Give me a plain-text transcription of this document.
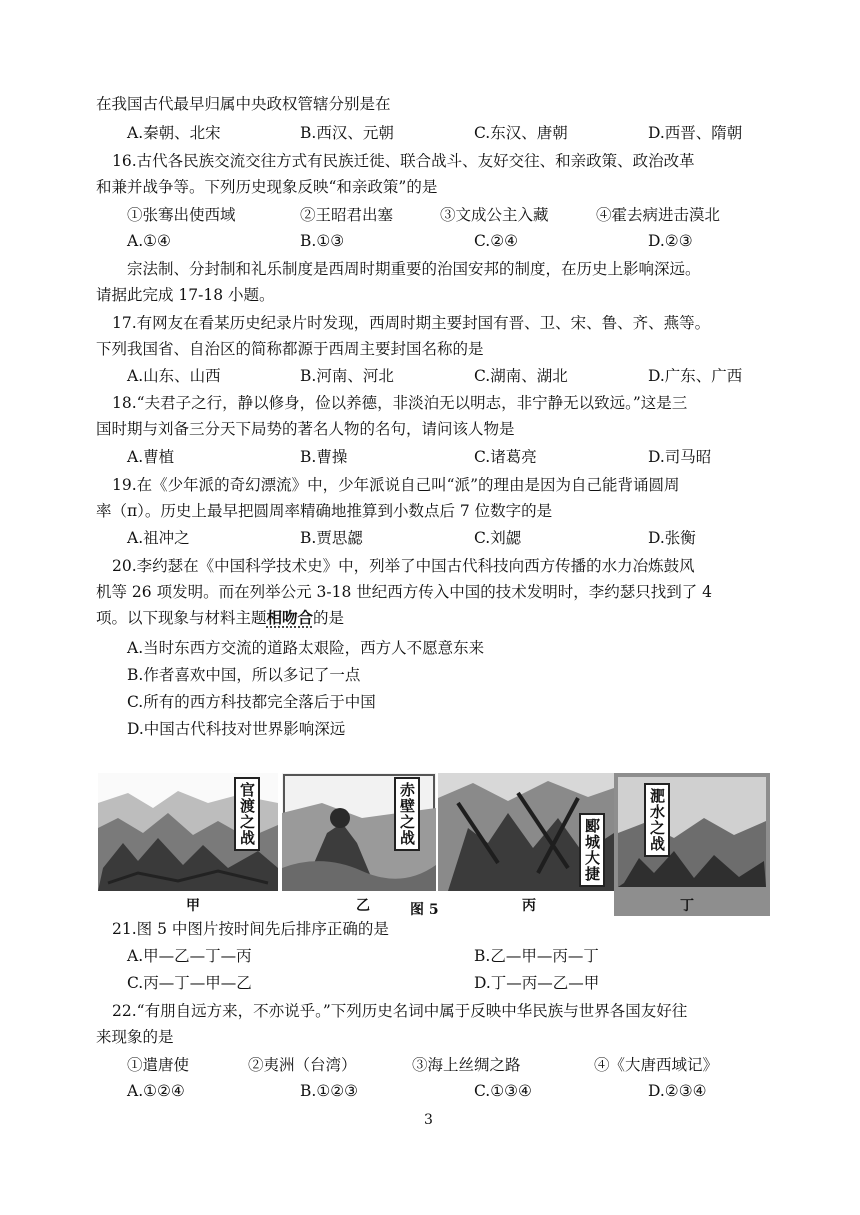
在我国古代最早归属中央政权管辖分别是在
A.秦朝、北宋	B.西汉、元朝	C.东汉、唐朝	D.西晋、隋朝
16.古代各民族交流交往方式有民族迁徙、联合战斗、友好交往、和亲政策、政治改革
和兼并战争等。下列历史现象反映“和亲政策”的是
①张骞出使西域	②王昭君出塞	③文成公主入藏	④霍去病进击漠北
A.①④	B.①③	C.②④	D.②③
宗法制、分封制和礼乐制度是西周时期重要的治国安邦的制度，在历史上影响深远。
请据此完成 17-18 小题。
17.有网友在看某历史纪录片时发现，西周时期主要封国有晋、卫、宋、鲁、齐、燕等。
下列我国省、自治区的简称都源于西周主要封国名称的是
A.山东、山西	B.河南、河北	C.湖南、湖北	D.广东、广西
18.“夫君子之行，静以修身，俭以养德，非淡泊无以明志，非宁静无以致远。”这是三
国时期与刘备三分天下局势的著名人物的名句，请问该人物是
A.曹植	B.曹操	C.诸葛亮	D.司马昭
19.在《少年派的奇幻漂流》中，少年派说自己叫“派”的理由是因为自己能背诵圆周
率（π）。历史上最早把圆周率精确地推算到小数点后 7 位数字的是
A.祖冲之	B.贾思勰	C.刘勰	D.张衡
20.李约瑟在《中国科学技术史》中，列举了中国古代科技向西方传播的水力冶炼鼓风
机等 26 项发明。而在列举公元 3-18 世纪西方传入中国的技术发明时，李约瑟只找到了 4
项。以下现象与材料主题相吻合的是
A.当时东西方交流的道路太艰险，西方人不愿意东来
B.作者喜欢中国，所以多记了一点
C.所有的西方科技都完全落后于中国
D.中国古代科技对世界影响深远
官渡之战	赤壁之战
郾城大捷	淝水之战
甲	乙	图 5	丙	丁
21.图 5 中图片按时间先后排序正确的是
A.甲—乙—丁—丙	B.乙—甲—丙—丁
C.丙—丁—甲—乙	D.丁—丙—乙—甲
22.“有朋自远方来，不亦说乎。”下列历史名词中属于反映中华民族与世界各国友好往
来现象的是
①遣唐使	②夷洲（台湾）	③海上丝绸之路	④《大唐西域记》
A.①②④	B.①②③	C.①③④	D.②③④
3
